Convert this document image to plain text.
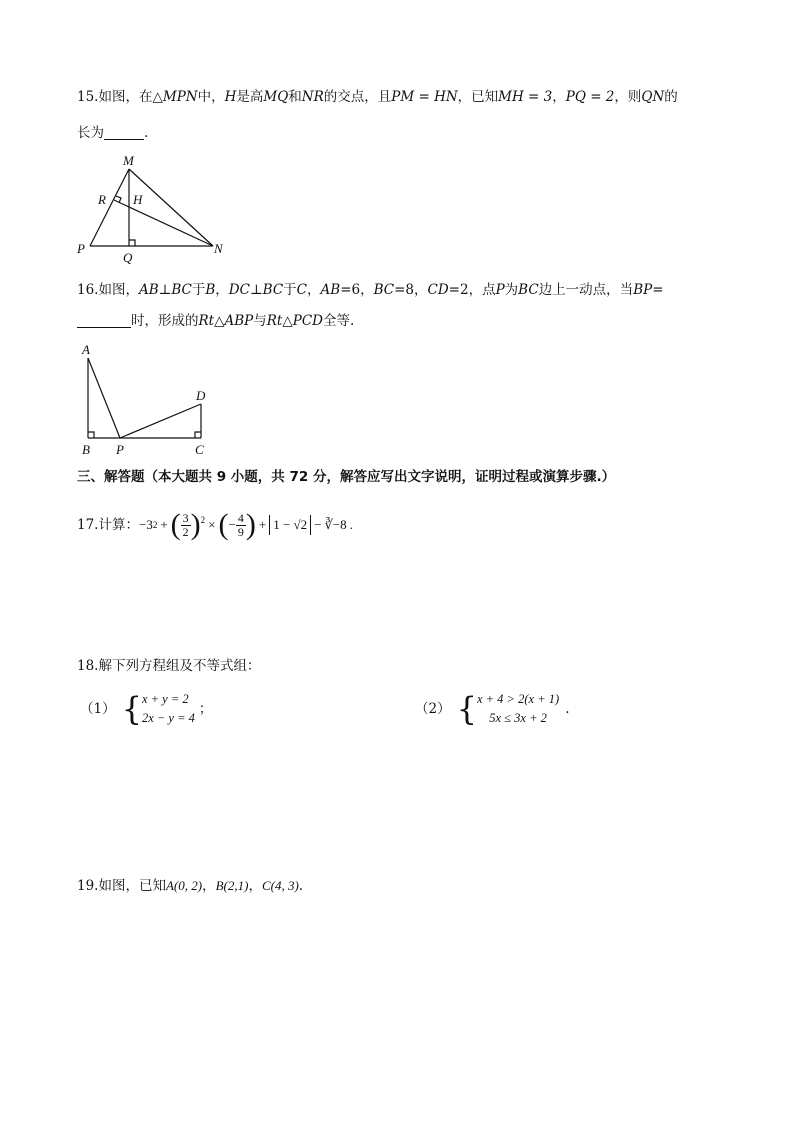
15.如图，在△MPN中，H是高MQ和NR的交点，且PM = HN，已知MH = 3，PQ = 2，则QN的
长为	.
M
R H
P	N
Q
16.如图，AB⊥BC于B，DC⊥BC于C，AB=6，BC=8，CD=2，点P为BC边上一动点，当BP=
时，形成的Rt△ABP与Rt△PCD全等.
A
D
B P	C
三、解答题（本大题共 9 小题，共 72 分，解答应写出文字说明，证明过程或演算步骤.）
17.计算： −3 2 + ( $\frac{3}{2} )^2$ × ( − $\frac{4}{9}$ ) + 1 − √2 − ∛−8 .
18.解下列方程组及不等式组：
（1） { x + y = 2
2x − y = 4
；	（2） { x + 4 > 2(x + 1)
5x ≤ 3x + 2
.
19.如图，已知A(0, 2)，B(2,1)，C(4, 3).
